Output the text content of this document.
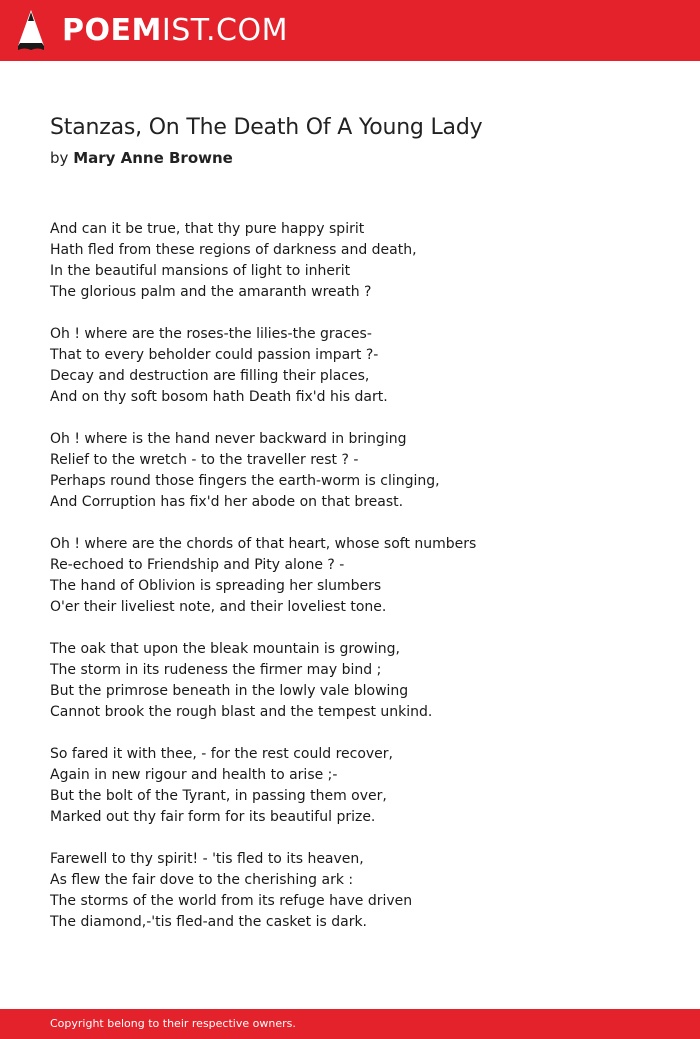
POEMIST.COM
Stanzas, On The Death Of A Young Lady
by Mary Anne Browne
And can it be true, that thy pure happy spirit
Hath fled from these regions of darkness and death,
In the beautiful mansions of light to inherit
The glorious palm and the amaranth wreath ?
Oh ! where are the roses-the lilies-the graces-
That to every beholder could passion impart ?-
Decay and destruction are filling their places,
And on thy soft bosom hath Death fix'd his dart.
Oh ! where is the hand never backward in bringing
Relief to the wretch - to the traveller rest ? -
Perhaps round those fingers the earth-worm is clinging,
And Corruption has fix'd her abode on that breast.
Oh ! where are the chords of that heart, whose soft numbers
Re-echoed to Friendship and Pity alone ? -
The hand of Oblivion is spreading her slumbers
O'er their liveliest note, and their loveliest tone.
The oak that upon the bleak mountain is growing,
The storm in its rudeness the firmer may bind ;
But the primrose beneath in the lowly vale blowing
Cannot brook the rough blast and the tempest unkind.
So fared it with thee, - for the rest could recover,
Again in new rigour and health to arise ;-
But the bolt of the Tyrant, in passing them over,
Marked out thy fair form for its beautiful prize.
Farewell to thy spirit! - 'tis fled to its heaven,
As flew the fair dove to the cherishing ark :
The storms of the world from its refuge have driven
The diamond,-'tis fled-and the casket is dark.
Copyright belong to their respective owners.
